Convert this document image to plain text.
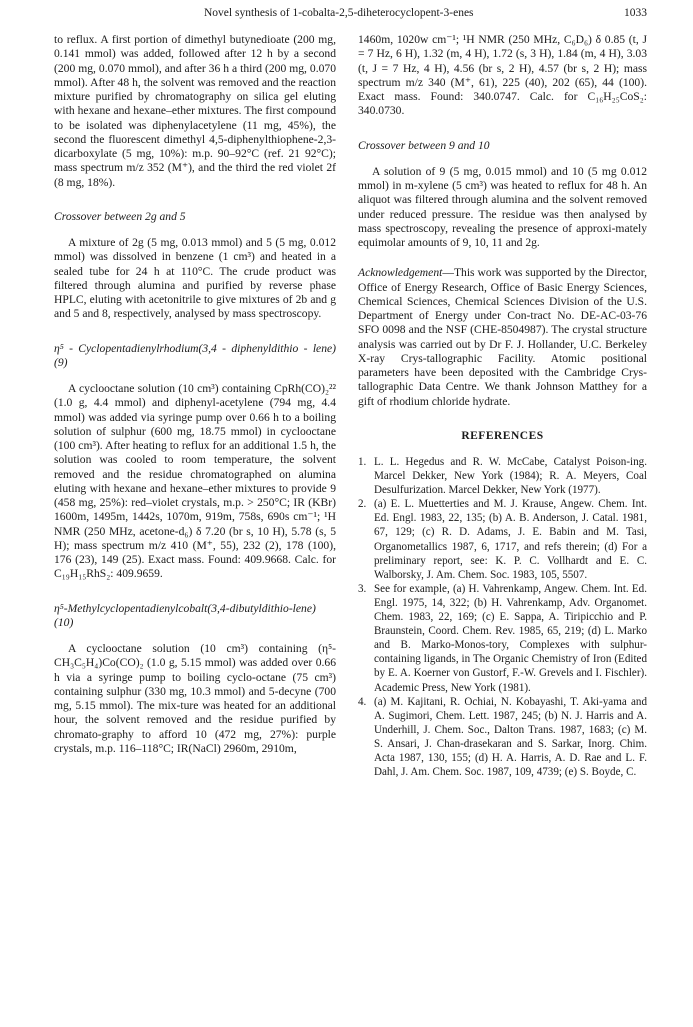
Novel synthesis of 1-cobalta-2,5-diheterocyclopent-3-enes	1033

to reflux. A first portion of dimethyl butynedioate (200 mg, 0.141 mmol) was added, followed after 12 h by a second (200 mg, 0.070 mmol), and after 36 h a third (200 mg, 0.070 mmol). After 48 h, the solvent was removed and the reaction mixture purified by chromatography on silica gel eluting with hexane and hexane–ether mixtures. The first compound to be isolated was diphenylacetylene (11 mg, 45%), the second the fluorescent dimethyl 4,5-diphenylthiophene-2,3-dicarboxylate (5 mg, 10%): m.p. 90–92°C (ref. 21 92°C); mass spectrum m/z 352 (M⁺), and the third the red violet 2f (8 mg, 18%).

Crossover between 2g and 5

A mixture of 2g (5 mg, 0.013 mmol) and 5 (5 mg, 0.012 mmol) was dissolved in benzene (1 cm³) and heated in a sealed tube for 24 h at 110°C. The crude product was filtered through alumina and purified by reverse phase HPLC, eluting with acetonitrile to give mixtures of 2b and g and 5 and 8, respectively, analysed by mass spectroscopy.

η⁵ - Cyclopentadienylrhodium(3,4 - diphenyldithio - lene) (9)

A cyclooctane solution (10 cm³) containing CpRh(CO)₂²² (1.0 g, 4.4 mmol) and diphenyl-acetylene (794 mg, 4.4 mmol) was added via syringe pump over 0.66 h to a boiling solution of sulphur (600 mg, 18.75 mmol) in cyclooctane (100 cm³). After heating to reflux for an additional 1.5 h, the solution was cooled to room temperature, the solvent removed and the residue chromatographed on alumina eluting with hexane and hexane–ether mixtures to provide 9 (458 mg, 25%): red–violet crystals, m.p. > 250°C; IR (KBr) 1600m, 1495m, 1442s, 1070m, 919m, 758s, 690s cm⁻¹; ¹H NMR (250 MHz, acetone-d₆) δ 7.20 (br s, 10 H), 5.78 (s, 5 H); mass spectrum m/z 410 (M⁺, 55), 232 (2), 178 (100), 176 (23), 149 (25). Exact mass. Found: 409.9668. Calc. for C₁₉H₁₅RhS₂: 409.9659.

η⁵-Methylcyclopentadienylcobalt(3,4-dibutyldithio-lene) (10)

A cyclooctane solution (10 cm³) containing (η⁵-CH₃C₅H₄)Co(CO)₂ (1.0 g, 5.15 mmol) was added over 0.66 h via a syringe pump to boiling cyclo-octane (75 cm³) containing sulphur (330 mg, 10.3 mmol) and 5-decyne (700 mg, 5.15 mmol). The mix-ture was heated for an additional hour, the solvent removed and the residue purified by chromato-graphy to afford 10 (472 mg, 27%): purple crystals, m.p. 116–118°C; IR(NaCl) 2960m, 2910m,

1460m, 1020w cm⁻¹; ¹H NMR (250 MHz, C₆D₆) δ 0.85 (t, J = 7 Hz, 6 H), 1.32 (m, 4 H), 1.72 (s, 3 H), 1.84 (m, 4 H), 3.03 (t, J = 7 Hz, 4 H), 4.56 (br s, 2 H), 4.57 (br s, 2 H); mass spectrum m/z 340 (M⁺, 61), 225 (40), 202 (65), 44 (100). Exact mass. Found: 340.0747. Calc. for C₁₆H₂₅CoS₂: 340.0730.

Crossover between 9 and 10

A solution of 9 (5 mg, 0.015 mmol) and 10 (5 mg 0.012 mmol) in m-xylene (5 cm³) was heated to reflux for 48 h. An aliquot was filtered through alumina and the solvent removed under reduced pressure. The residue was then analysed by mass spectroscopy, revealing the presence of approxi-mately equimolar amounts of 9, 10, 11 and 2g.

Acknowledgement—This work was supported by the Director, Office of Energy Research, Office of Basic Energy Sciences, Chemical Sciences, Chemical Sciences Division of the U.S. Department of Energy under Con-tract No. DE-AC-03-76 SFO 0098 and the NSF (CHE-8504987). The crystal structure analysis was carried out by Dr F. J. Hollander, U.C. Berkeley X-ray Crys-tallographic Facility. Atomic positional parameters have been deposited with the Cambridge Crys-tallographic Data Centre. We thank Johnson Matthey for a gift of rhodium chloride hydrate.

REFERENCES

1. L. L. Hegedus and R. W. McCabe, Catalyst Poison-ing. Marcel Dekker, New York (1984); R. A. Meyers, Coal Desulfurization. Marcel Dekker, New York (1977).
2. (a) E. L. Muetterties and M. J. Krause, Angew. Chem. Int. Ed. Engl. 1983, 22, 135; (b) A. B. Anderson, J. Catal. 1981, 67, 129; (c) R. D. Adams, J. E. Babin and M. Tasi, Organometallics 1987, 6, 1717, and refs therein; (d) For a preliminary report, see: K. P. C. Vollhardt and E. C. Walborsky, J. Am. Chem. Soc. 1983, 105, 5507.
3. See for example, (a) H. Vahrenkamp, Angew. Chem. Int. Ed. Engl. 1975, 14, 322; (b) H. Vahrenkamp, Adv. Organomet. Chem. 1983, 22, 169; (c) E. Sappa, A. Tiripicchio and P. Braunstein, Coord. Chem. Rev. 1985, 65, 219; (d) L. Marko and B. Marko-Monos-tory, Complexes with sulphur-containing ligands, in The Organic Chemistry of Iron (Edited by E. A. Koerner von Gustorf, F.-W. Grevels and I. Fischler). Academic Press, New York (1981).
4. (a) M. Kajitani, R. Ochiai, N. Kobayashi, T. Aki-yama and A. Sugimori, Chem. Lett. 1987, 245; (b) N. J. Harris and A. Underhill, J. Chem. Soc., Dalton Trans. 1987, 1683; (c) M. S. Ansari, J. Chan-drasekaran and S. Sarkar, Inorg. Chim. Acta 1987, 130, 155; (d) H. A. Harris, A. D. Rae and L. F. Dahl, J. Am. Chem. Soc. 1987, 109, 4739; (e) S. Boyde, C.
